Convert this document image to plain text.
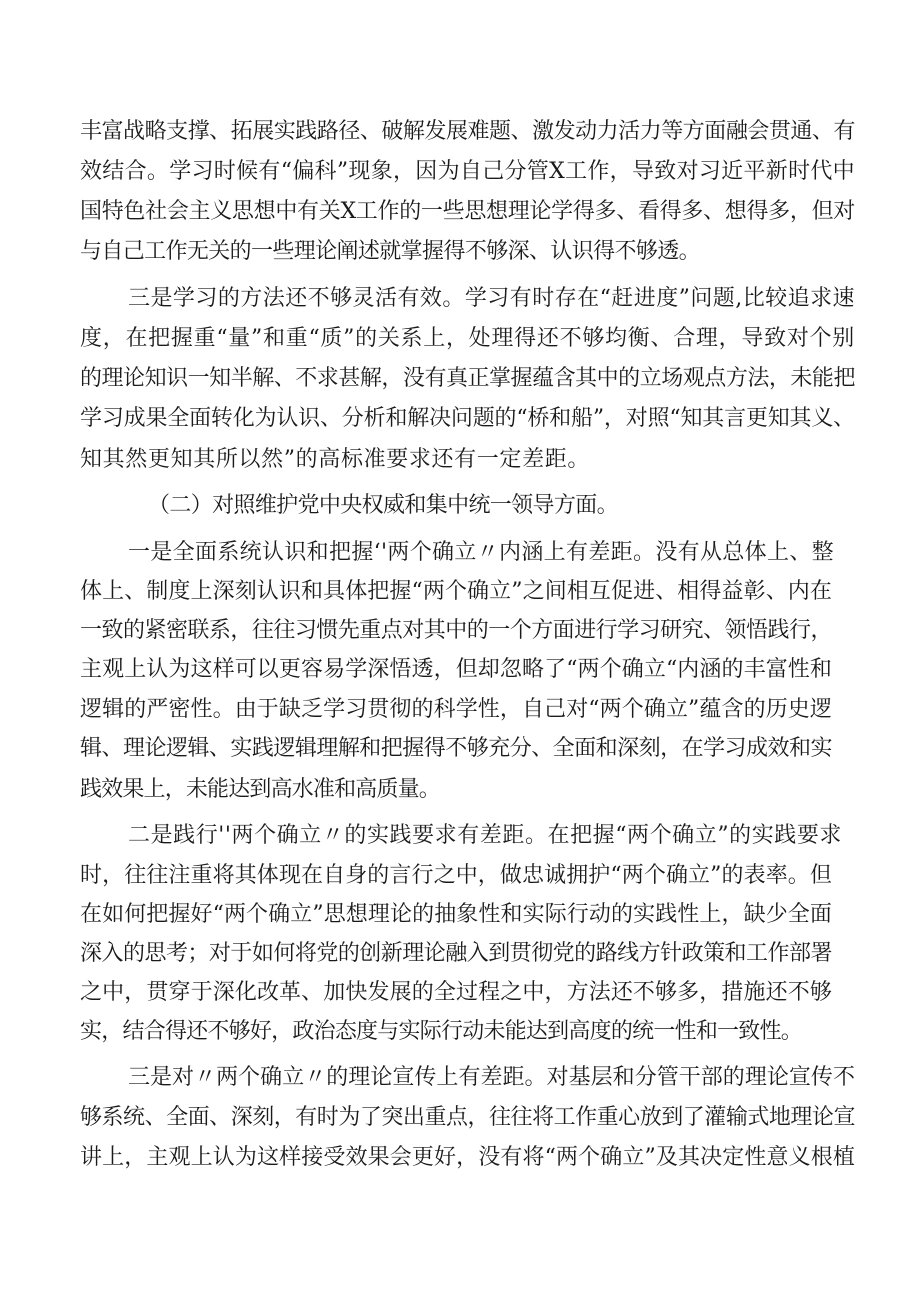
丰富战略支撑、拓展实践路径、破解发展难题、激发动力活力等方面融会贯通、有
效结合。学习时候有“偏科”现象，因为自己分管X工作，导致对习近平新时代中
国特色社会主义思想中有关X工作的一些思想理论学得多、看得多、想得多，但对
与自己工作无关的一些理论阐述就掌握得不够深、认识得不够透。
三是学习的方法还不够灵活有效。学习有时存在“赶进度”问题,比较追求速
度，在把握重“量”和重“质”的关系上，处理得还不够均衡、合理，导致对个别
的理论知识一知半解、不求甚解，没有真正掌握蕴含其中的立场观点方法，未能把
学习成果全面转化为认识、分析和解决问题的“桥和船”，对照“知其言更知其义、
知其然更知其所以然”的高标准要求还有一定差距。
（二）对照维护党中央权威和集中统一领导方面。
一是全面系统认识和把握‘'两个确立〃内涵上有差距。没有从总体上、整
体上、制度上深刻认识和具体把握“两个确立”之间相互促进、相得益彰、内在
一致的紧密联系，往往习惯先重点对其中的一个方面进行学习研究、领悟践行，
主观上认为这样可以更容易学深悟透，但却忽略了“两个确立“内涵的丰富性和
逻辑的严密性。由于缺乏学习贯彻的科学性，自己对“两个确立”蕴含的历史逻
辑、理论逻辑、实践逻辑理解和把握得不够充分、全面和深刻，在学习成效和实
践效果上，未能达到高水准和高质量。
二是践行''两个确立〃的实践要求有差距。在把握“两个确立”的实践要求
时，往往注重将其体现在自身的言行之中，做忠诚拥护“两个确立”的表率。但
在如何把握好“两个确立”思想理论的抽象性和实际行动的实践性上，缺少全面
深入的思考；对于如何将党的创新理论融入到贯彻党的路线方针政策和工作部署
之中，贯穿于深化改革、加快发展的全过程之中，方法还不够多，措施还不够
实，结合得还不够好，政治态度与实际行动未能达到高度的统一性和一致性。
三是对〃两个确立〃的理论宣传上有差距。对基层和分管干部的理论宣传不
够系统、全面、深刻，有时为了突出重点，往往将工作重心放到了灌输式地理论宣
讲上，主观上认为这样接受效果会更好，没有将“两个确立”及其决定性意义根植
